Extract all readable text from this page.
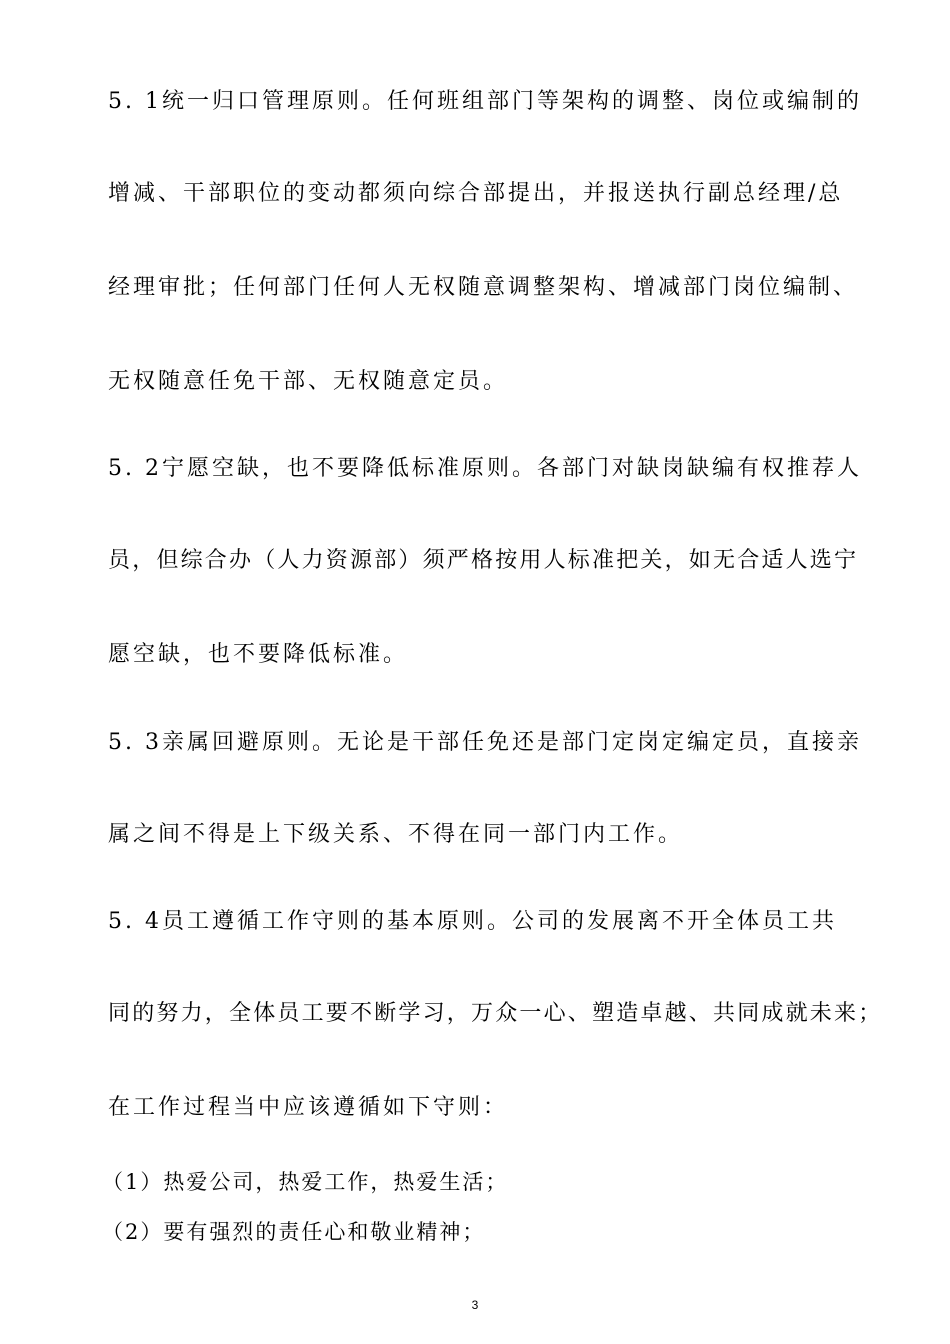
5. 1统一归口管理原则。任何班组部门等架构的调整、岗位或编制的
增减、干部职位的变动都须向综合部提出，并报送执行副总经理/总
经理审批；任何部门任何人无权随意调整架构、增减部门岗位编制、
无权随意任免干部、无权随意定员。
5. 2宁愿空缺，也不要降低标准原则。各部门对缺岗缺编有权推荐人
员，但综合办（人力资源部）须严格按用人标准把关，如无合适人选宁
愿空缺，也不要降低标准。
5. 3亲属回避原则。无论是干部任免还是部门定岗定编定员，直接亲
属之间不得是上下级关系、不得在同一部门内工作。
5. 4员工遵循工作守则的基本原则。公司的发展离不开全体员工共
同的努力，全体员工要不断学习，万众一心、塑造卓越、共同成就未来；
在工作过程当中应该遵循如下守则：
（1）热爱公司，热爱工作，热爱生活；
（2）要有强烈的责任心和敬业精神；
3
